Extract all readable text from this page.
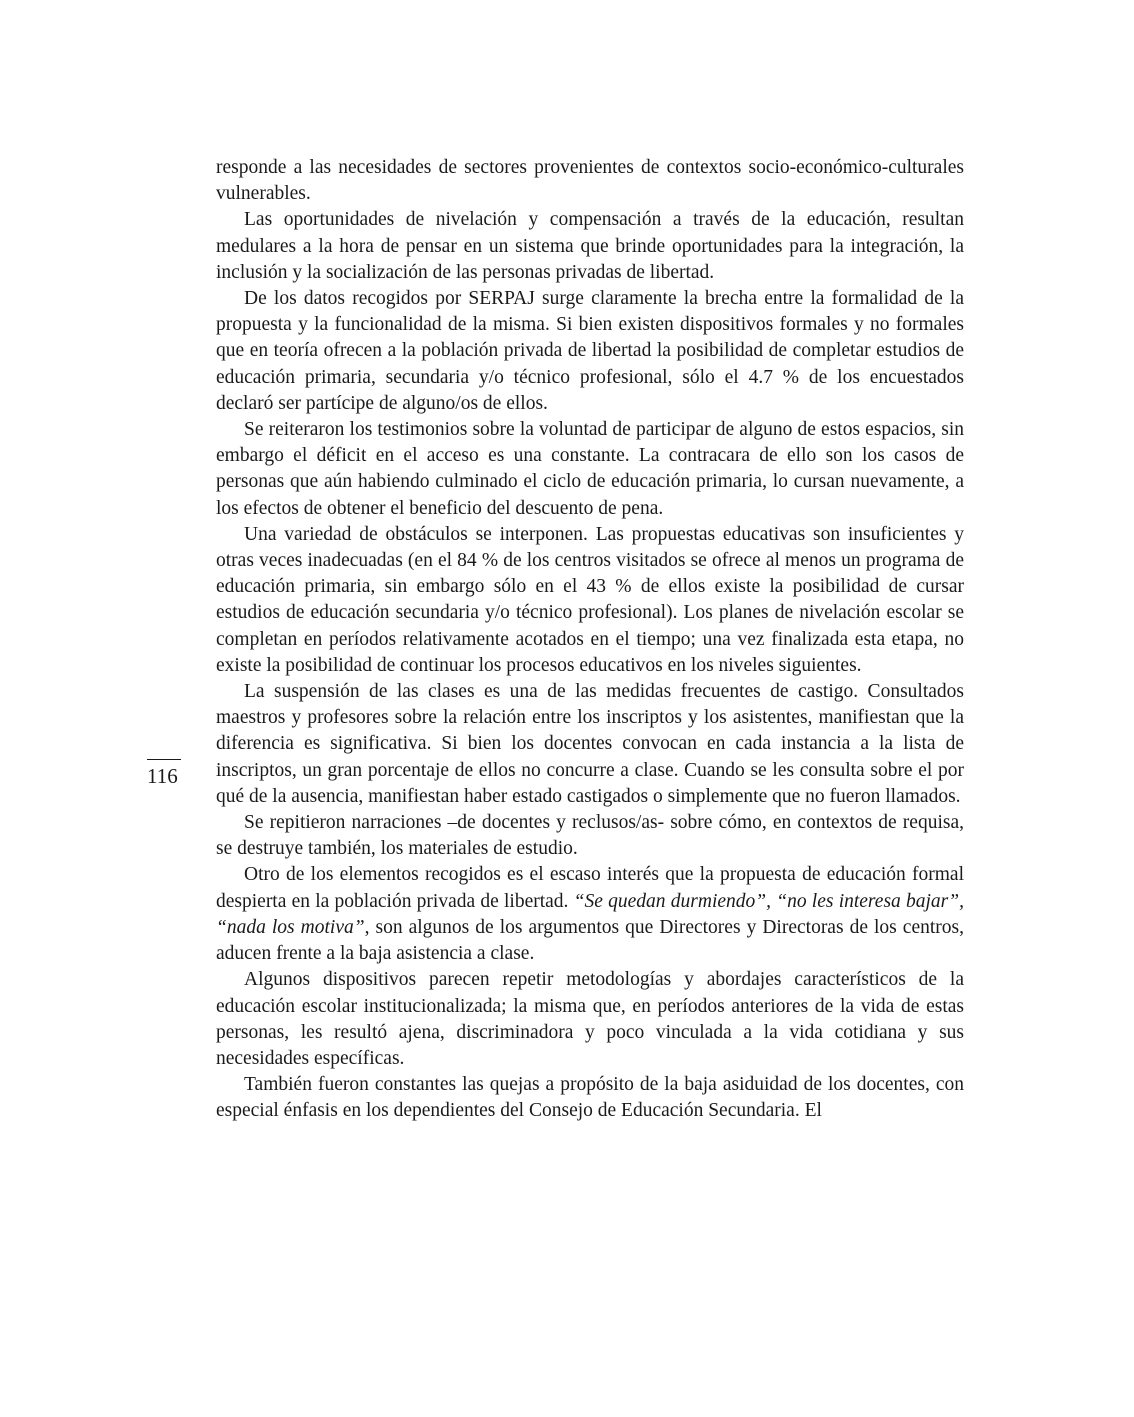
responde a las necesidades de sectores provenientes de contextos socio-económico-culturales vulnerables.

Las oportunidades de nivelación y compensación a través de la educación, resultan medulares a la hora de pensar en un sistema que brinde oportunidades para la integración, la inclusión y la socialización de las personas privadas de libertad.

De los datos recogidos por SERPAJ surge claramente la brecha entre la formalidad de la propuesta y la funcionalidad de la misma. Si bien existen dispositivos formales y no formales que en teoría ofrecen a la población privada de libertad la posibilidad de completar estudios de educación primaria, secundaria y/o técnico profesional, sólo el 4.7 % de los encuestados declaró ser partícipe de alguno/os de ellos.

Se reiteraron los testimonios sobre la voluntad de participar de alguno de estos espacios, sin embargo el déficit en el acceso es una constante. La contracara de ello son los casos de personas que aún habiendo culminado el ciclo de educación primaria, lo cursan nuevamente, a los efectos de obtener el beneficio del descuento de pena.

Una variedad de obstáculos se interponen. Las propuestas educativas son insuficientes y otras veces inadecuadas (en el 84 % de los centros visitados se ofrece al menos un programa de educación primaria, sin embargo sólo en el 43 % de ellos existe la posibilidad de cursar estudios de educación secundaria y/o técnico profesional). Los planes de nivelación escolar se completan en períodos relativamente acotados en el tiempo; una vez finalizada esta etapa, no existe la posibilidad de continuar los procesos educativos en los niveles siguientes.

La suspensión de las clases es una de las medidas frecuentes de castigo. Consultados maestros y profesores sobre la relación entre los inscriptos y los asistentes, manifiestan que la diferencia es significativa. Si bien los docentes convocan en cada instancia a la lista de inscriptos, un gran porcentaje de ellos no concurre a clase. Cuando se les consulta sobre el por qué de la ausencia, manifiestan haber estado castigados o simplemente que no fueron llamados.

Se repitieron narraciones –de docentes y reclusos/as- sobre cómo, en contextos de requisa, se destruye también, los materiales de estudio.

Otro de los elementos recogidos es el escaso interés que la propuesta de educación formal despierta en la población privada de libertad. “Se quedan durmiendo”, “no les interesa bajar”, “nada los motiva”, son algunos de los argumentos que Directores y Directoras de los centros, aducen frente a la baja asistencia a clase.

Algunos dispositivos parecen repetir metodologías y abordajes característicos de la educación escolar institucionalizada; la misma que, en períodos anteriores de la vida de estas personas, les resultó ajena, discriminadora y poco vinculada a la vida cotidiana y sus necesidades específicas.

También fueron constantes las quejas a propósito de la baja asiduidad de los docentes, con especial énfasis en los dependientes del Consejo de Educación Secundaria. El

116
